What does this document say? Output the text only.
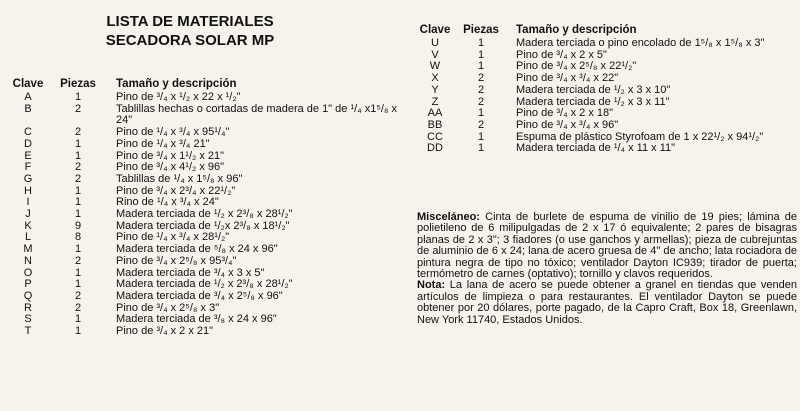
LISTA DE MATERIALES
SECADORA SOLAR MP
Clave	Piezas	Tamaño y descripción
A	1	Pino de ³/₄ x ¹/₂ x 22 x ¹/₂"
B	2	Tablillas hechas o cortadas de madera de 1" de ¹/₄ x1⁵/₈ x 24"
C	2	Pino de ¹/₄ x ³/₄ x 95¹/₄"
D	1	Pino de ¹/₄ x ³/₄ 21"
E	1	Pino de ³/₄ x 1¹/₂ x 21"
F	2	Pino de ³/₄ x 4¹/₂ x 96"
G	2	Tablillas de ¹/₄ x 1⁵/₈ x 96"
H	1	Pino de ³/₄ x 2³/₄ x 22¹/₂"
I	1	Rino de ¹/₄ x ³/₄ x 24"
J	1	Madera terciada de ¹/₂ x 2³/₈ x 28¹/₂"
K	9	Madera terciada de ¹/₂x 2³/₈ x 18¹/₂"
L	8	Pino de ¹/₄ x ³/₄ x 28¹/₂"
M	1	Madera terciada de ⁵/₈ x 24 x 96"
N	2	Pino de ³/₄ x 2⁵/₈ x 95³/₄"
O	1	Madera terciada de ³/₄ x 3 x 5"
P	1	Madera terciada de ¹/₂ x 2³/₈ x 28¹/₂"
Q	2	Madera terciada de ³/₄ x 2⁵/₈ x 96"
R	2	Pino de ³/₄ x 2⁵/₈ x 3"
S	1	Madera terciada de ³/₈ x 24 x 96"
T	1	Pino de ³/₄ x 2 x 21"
Clave	Piezas	Tamaño y descripción
U	1	Madera terciada o pino encolado de 1⁵/₈ x 1⁵/₈ x 3"
V	1	Pino de ³/₄ x 2 x 5"
W	1	Pino de ³/₄ x 2⁵/₈ x 22¹/₂"
X	2	Pino de ³/₄ x ³/₄ x 22"
Y	2	Madera terciada de ¹/₂ x 3 x 10"
Z	2	Madera terciada de ¹/₂ x 3 x 11"
AA	1	Pino de ³/₄ x 2 x 18"
BB	2	Pino de ³/₄ x ³/₄ x 96"
CC	1	Espuma de plástico Styrofoam de 1 x 22¹/₂ x 94¹/₂"
DD	1	Madera terciada de ¹/₄ x 11 x 11"

Misceláneo: Cinta de burlete de espuma de vinilio de 19 pies; lámina de polietileno de 6 milipulgadas de 2 x 17 ó equivalente; 2 pares de bisagras planas de 2 x 3"; 3 fiadores (o use ganchos y armellas); pieza de cubrejuntas de aluminio de 6 x 24; lana de acero gruesa de 4" de ancho; lata rociadora de pintura negra de tipo no tóxico; ventilador Dayton IC939; tirador de puerta; termómetro de carnes (optativo); tornillo y clavos requeridos.

Nota: La lana de acero se puede obtener a granel en tiendas que venden artículos de limpieza o para restaurantes. El ventilador Dayton se puede obtener por 20 dólares, porte pagado, de la Capro Craft, Box 18, Greenlawn, New York 11740, Estados Unidos.
